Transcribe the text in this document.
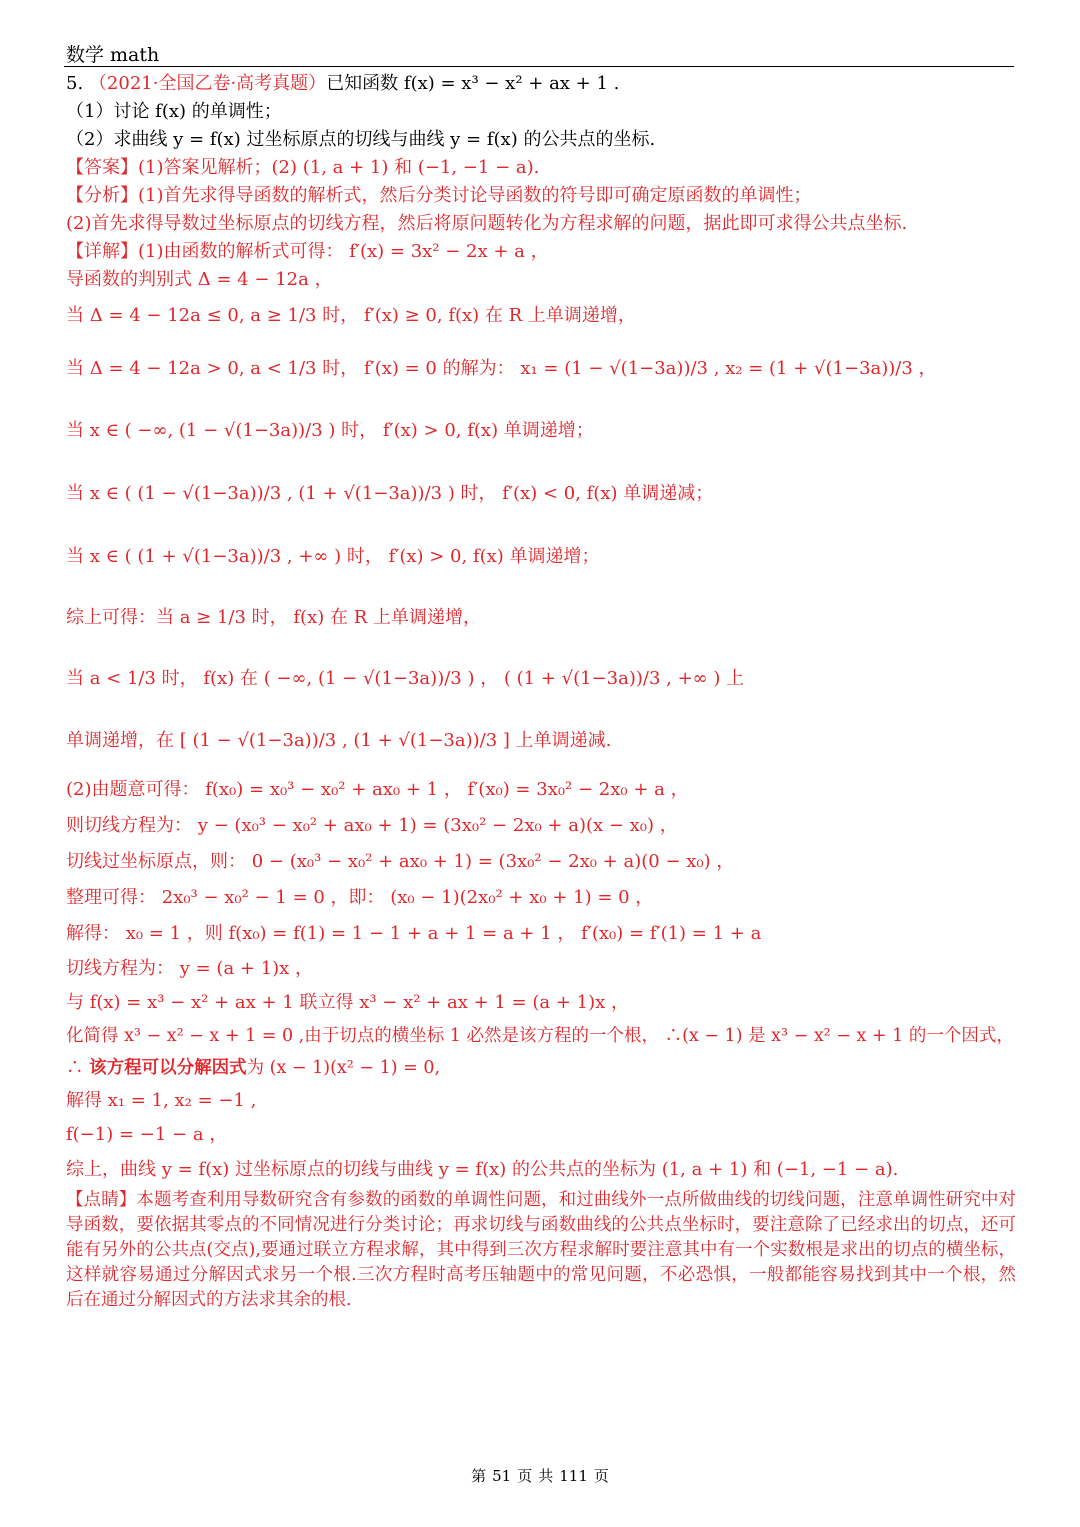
数学 math
5. （2021·全国乙卷·高考真题）已知函数 f(x) = x³ − x² + ax + 1 .
（1）讨论 f(x) 的单调性；
（2）求曲线 y = f(x) 过坐标原点的切线与曲线 y = f(x) 的公共点的坐标.
【答案】(1)答案见解析；(2) (1, a + 1) 和 (−1, −1 − a).
【分析】(1)首先求得导函数的解析式，然后分类讨论导函数的符号即可确定原函数的单调性；
(2)首先求得导数过坐标原点的切线方程，然后将原问题转化为方程求解的问题，据此即可求得公共点坐标.
【详解】(1)由函数的解析式可得： f′(x) = 3x² − 2x + a ，
导函数的判别式 Δ = 4 − 12a ，
当 Δ = 4 − 12a ≤ 0, a ≥ 1/3 时， f′(x) ≥ 0, f(x) 在 R 上单调递增，
当 Δ = 4 − 12a > 0, a < 1/3 时， f′(x) = 0 的解为： x₁ = (1 − √(1−3a))/3 , x₂ = (1 + √(1−3a))/3 ，
当 x ∈ ( −∞, (1 − √(1−3a))/3 ) 时， f′(x) > 0, f(x) 单调递增；
当 x ∈ ( (1 − √(1−3a))/3 , (1 + √(1−3a))/3 ) 时， f′(x) < 0, f(x) 单调递减；
当 x ∈ ( (1 + √(1−3a))/3 , +∞ ) 时， f′(x) > 0, f(x) 单调递增；
综上可得：当 a ≥ 1/3 时， f(x) 在 R 上单调递增，
当 a < 1/3 时， f(x) 在 ( −∞, (1 − √(1−3a))/3 ) ， ( (1 + √(1−3a))/3 , +∞ ) 上
单调递增，在 [ (1 − √(1−3a))/3 , (1 + √(1−3a))/3 ] 上单调递减.
(2)由题意可得： f(x₀) = x₀³ − x₀² + ax₀ + 1 ， f′(x₀) = 3x₀² − 2x₀ + a ，
则切线方程为： y − (x₀³ − x₀² + ax₀ + 1) = (3x₀² − 2x₀ + a)(x − x₀) ，
切线过坐标原点，则： 0 − (x₀³ − x₀² + ax₀ + 1) = (3x₀² − 2x₀ + a)(0 − x₀) ，
整理可得： 2x₀³ − x₀² − 1 = 0 ，即： (x₀ − 1)(2x₀² + x₀ + 1) = 0 ，
解得： x₀ = 1 ，则 f(x₀) = f(1) = 1 − 1 + a + 1 = a + 1 ， f′(x₀) = f′(1) = 1 + a
切线方程为： y = (a + 1)x ，
与 f(x) = x³ − x² + ax + 1 联立得 x³ − x² + ax + 1 = (a + 1)x ，
化简得 x³ − x² − x + 1 = 0 ,由于切点的横坐标 1 必然是该方程的一个根， ∴(x − 1) 是 x³ − x² − x + 1 的一个因式， ∴ 该方程可以分解因式为 (x − 1)(x² − 1) = 0,
解得 x₁ = 1, x₂ = −1 ,
f(−1) = −1 − a ，
综上，曲线 y = f(x) 过坐标原点的切线与曲线 y = f(x) 的公共点的坐标为 (1, a + 1) 和 (−1, −1 − a).
【点睛】本题考查利用导数研究含有参数的函数的单调性问题，和过曲线外一点所做曲线的切线问题，注意单调性研究中对导函数，要依据其零点的不同情况进行分类讨论；再求切线与函数曲线的公共点坐标时，要注意除了已经求出的切点，还可能有另外的公共点(交点),要通过联立方程求解，其中得到三次方程求解时要注意其中有一个实数根是求出的切点的横坐标，这样就容易通过分解因式求另一个根.三次方程时高考压轴题中的常见问题，不必恐惧，一般都能容易找到其中一个根，然后在通过分解因式的方法求其余的根.
第 51 页 共 111 页
